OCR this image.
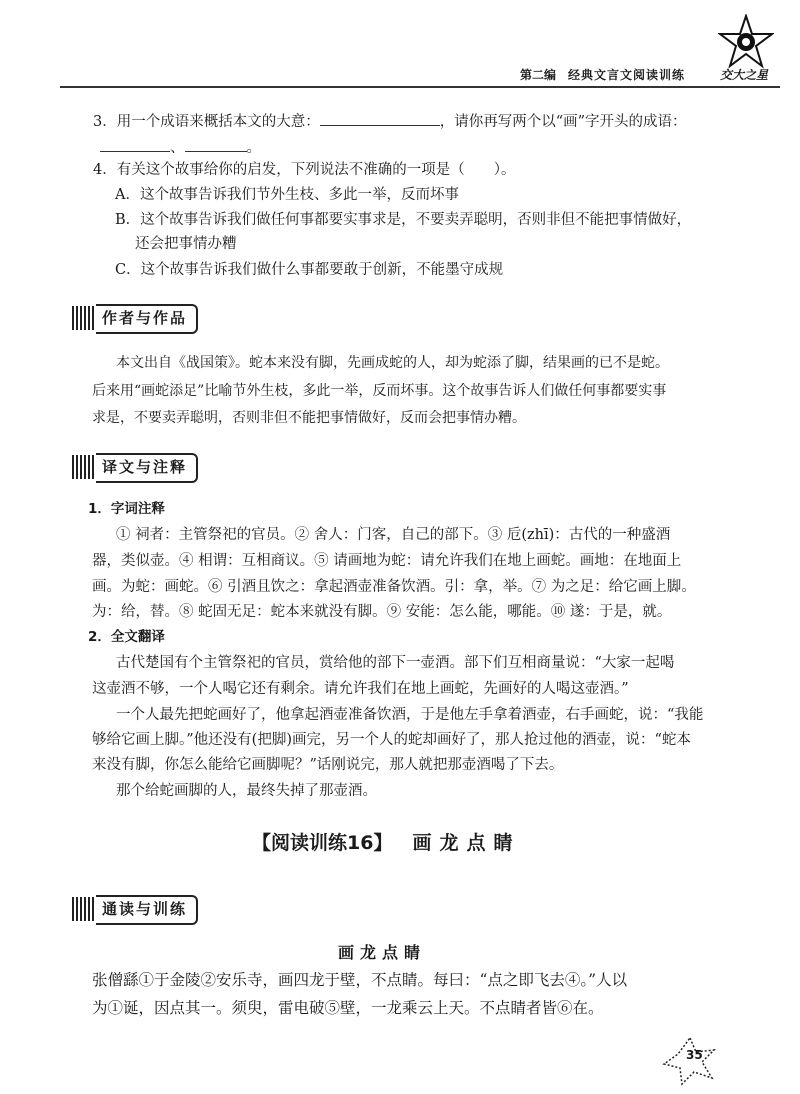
第二编 经典文言文阅读训练	交大之星
3．用一个成语来概括本文的大意：	，请你再写两个以“画”字开头的成语：
、	。
4．有关这个故事给你的启发，下列说法不准确的一项是（　　）。
A．这个故事告诉我们节外生枝、多此一举，反而坏事
B．这个故事告诉我们做任何事都要实事求是，不要卖弄聪明，否则非但不能把事情做好，
还会把事情办糟
C．这个故事告诉我们做什么事都要敢于创新，不能墨守成规
作者与作品
本文出自《战国策》。蛇本来没有脚，先画成蛇的人，却为蛇添了脚，结果画的已不是蛇。
后来用“画蛇添足”比喻节外生枝，多此一举，反而坏事。这个故事告诉人们做任何事都要实事
求是，不要卖弄聪明，否则非但不能把事情做好，反而会把事情办糟。
译文与注释
1．字词注释
① 祠者：主管祭祀的官员。② 舍人：门客，自己的部下。③ 卮(zhī)：古代的一种盛酒
器，类似壶。④ 相谓：互相商议。⑤ 请画地为蛇：请允许我们在地上画蛇。画地：在地面上
画。为蛇：画蛇。⑥ 引酒且饮之：拿起酒壶准备饮酒。引：拿，举。⑦ 为之足：给它画上脚。
为：给，替。⑧ 蛇固无足：蛇本来就没有脚。⑨ 安能：怎么能，哪能。⑩ 遂：于是，就。
2．全文翻译
古代楚国有个主管祭祀的官员，赏给他的部下一壶酒。部下们互相商量说：“大家一起喝
这壶酒不够，一个人喝它还有剩余。请允许我们在地上画蛇，先画好的人喝这壶酒。”
一个人最先把蛇画好了，他拿起酒壶准备饮酒，于是他左手拿着酒壶，右手画蛇，说：“我能
够给它画上脚。”他还没有(把脚)画完，另一个人的蛇却画好了，那人抢过他的酒壶，说：“蛇本
来没有脚，你怎么能给它画脚呢？”话刚说完，那人就把那壶酒喝了下去。
那个给蛇画脚的人，最终失掉了那壶酒。
【阅读训练16】 画龙点睛
通读与训练
画龙点睛
张僧繇①于金陵②安乐寺，画四龙于壁，不点睛。每曰：“点之即飞去④。”人以
为①诞，因点其一。须臾，雷电破⑤壁，一龙乘云上天。不点睛者皆⑥在。
35
